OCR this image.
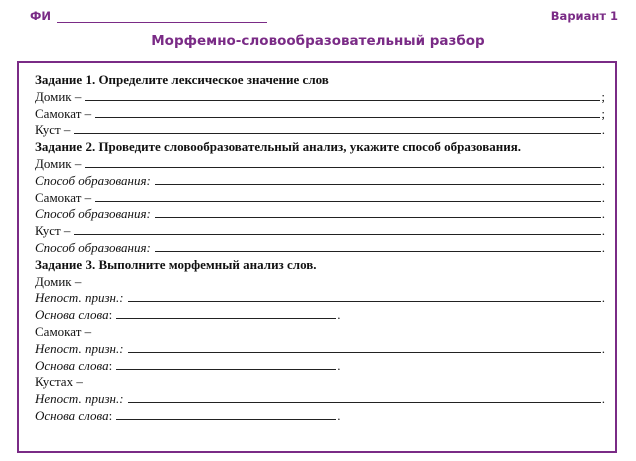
ФИ	Вариант 1
Морфемно-словообразовательный разбор
Задание 1. Определите лексическое значение слов
Домик –	;
Самокат –	;
Куст –	.
Задание 2. Проведите словообразовательный анализ, укажите способ образования.
Домик –	.
Способ образования:	.
Самокат –	.
Способ образования:	.
Куст –	.
Способ образования:	.
Задание 3. Выполните морфемный анализ слов.
Домик –
Непост. призн.:	.
Основа слова :	.
Самокат –
Непост. призн.:	.
Основа слова :	.
Кустах –
Непост. призн.:	.
Основа слова :	.
